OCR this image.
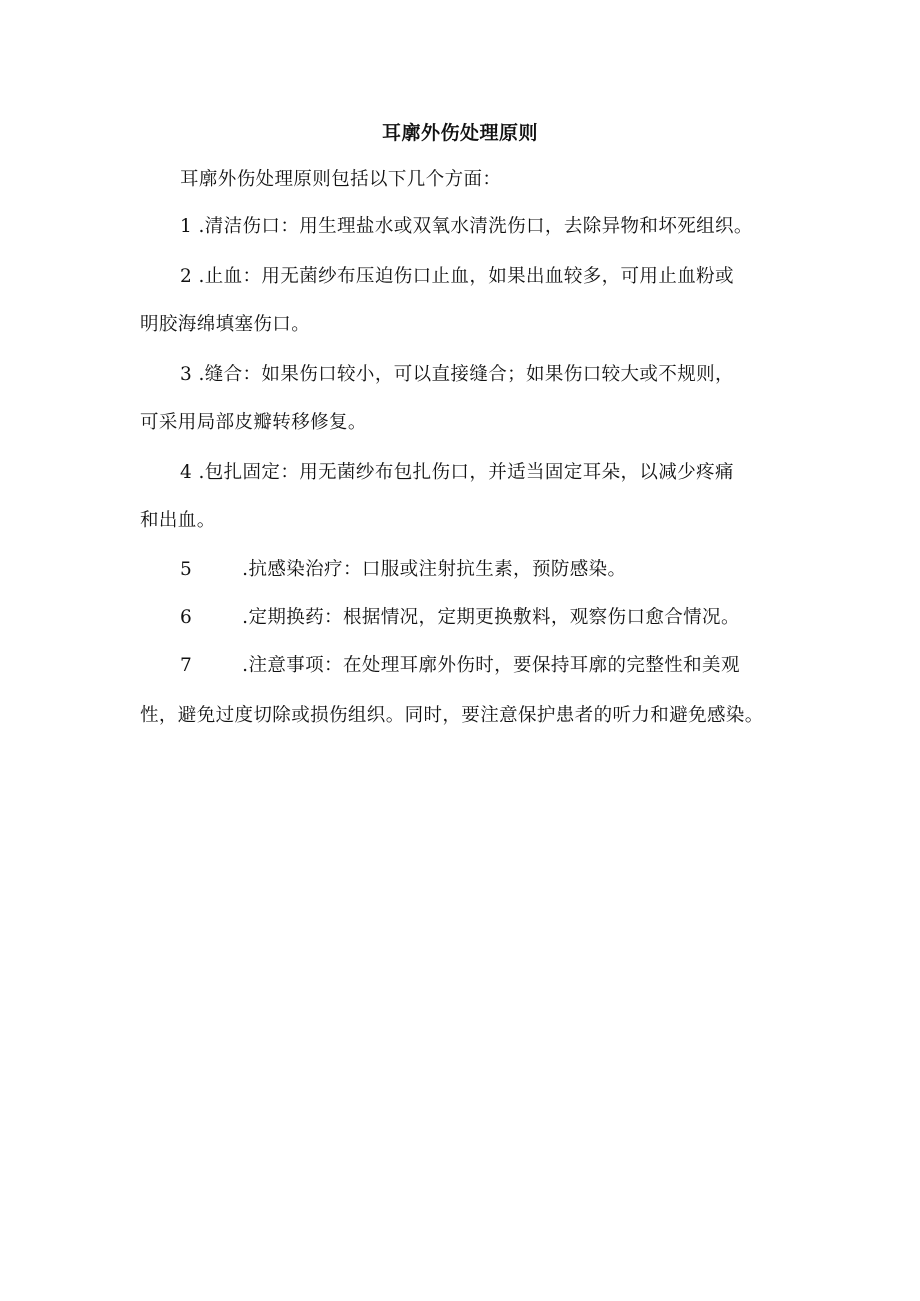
耳廓外伤处理原则
耳廓外伤处理原则包括以下几个方面：
1 .清洁伤口：用生理盐水或双氧水清洗伤口，去除异物和坏死组织。
2 .止血：用无菌纱布压迫伤口止血，如果出血较多，可用止血粉或
明胶海绵填塞伤口。
3 .缝合：如果伤口较小，可以直接缝合；如果伤口较大或不规则，
可采用局部皮瓣转移修复。
4 .包扎固定：用无菌纱布包扎伤口，并适当固定耳朵，以减少疼痛
和出血。
5	.抗感染治疗：口服或注射抗生素，预防感染。
6	.定期换药：根据情况，定期更换敷料，观察伤口愈合情况。
7	.注意事项：在处理耳廓外伤时，要保持耳廓的完整性和美观
性，避免过度切除或损伤组织。同时，要注意保护患者的听力和避免感染。
